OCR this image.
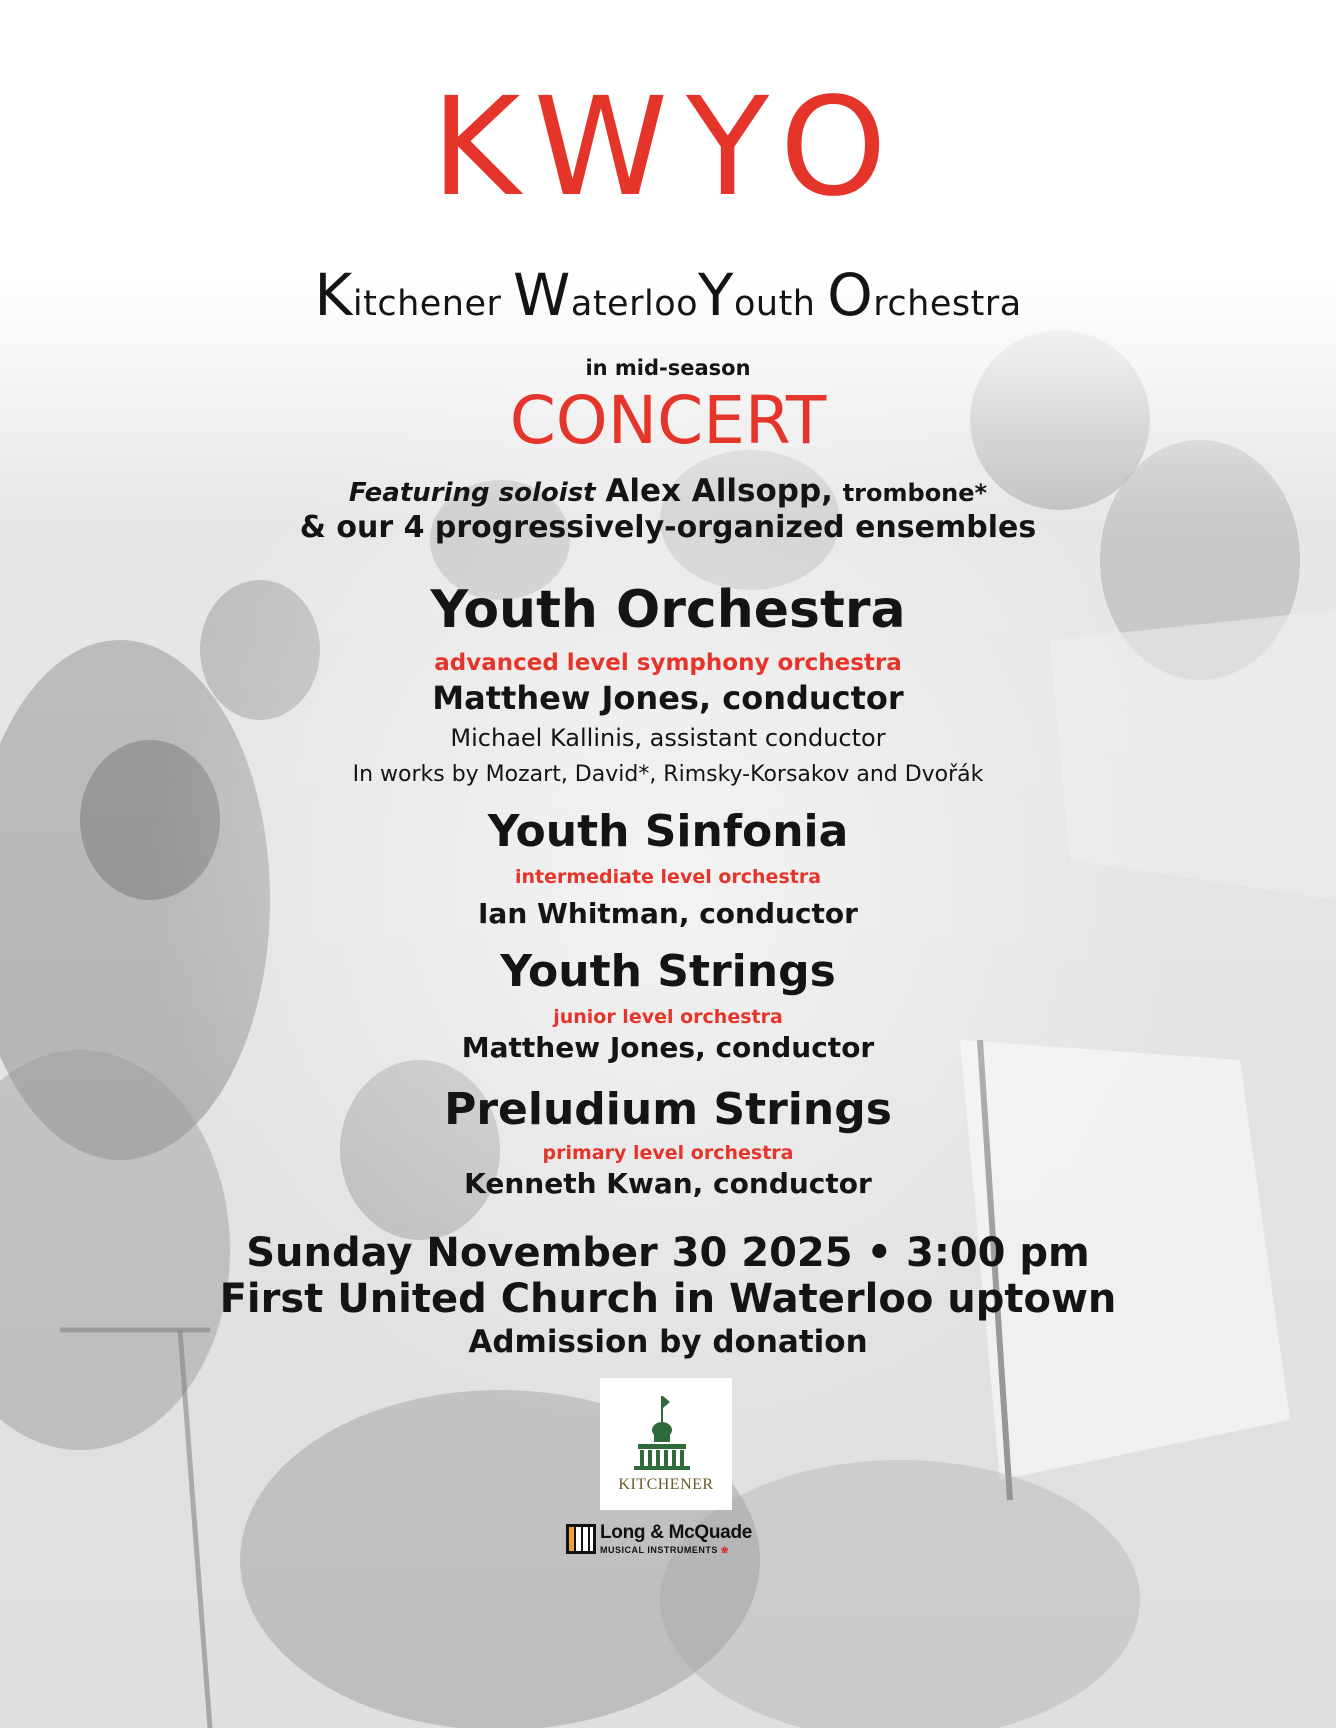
KWYO
Kitchener WaterlooYouth Orchestra
in mid-season
CONCERT
Featuring soloist Alex Allsopp, trombone*
& our 4 progressively-organized ensembles
Youth Orchestra
advanced level symphony orchestra
Matthew Jones, conductor
Michael Kallinis, assistant conductor
In works by Mozart, David*, Rimsky-Korsakov and Dvořák
Youth Sinfonia
intermediate level orchestra
Ian Whitman, conductor
Youth Strings
junior level orchestra
Matthew Jones, conductor
Preludium Strings
primary level orchestra
Kenneth Kwan, conductor
Sunday November 30 2025 • 3:00 pm
First United Church in Waterloo uptown
Admission by donation
KITCHENER
Long & McQuade
MUSICAL INSTRUMENTS ❀
